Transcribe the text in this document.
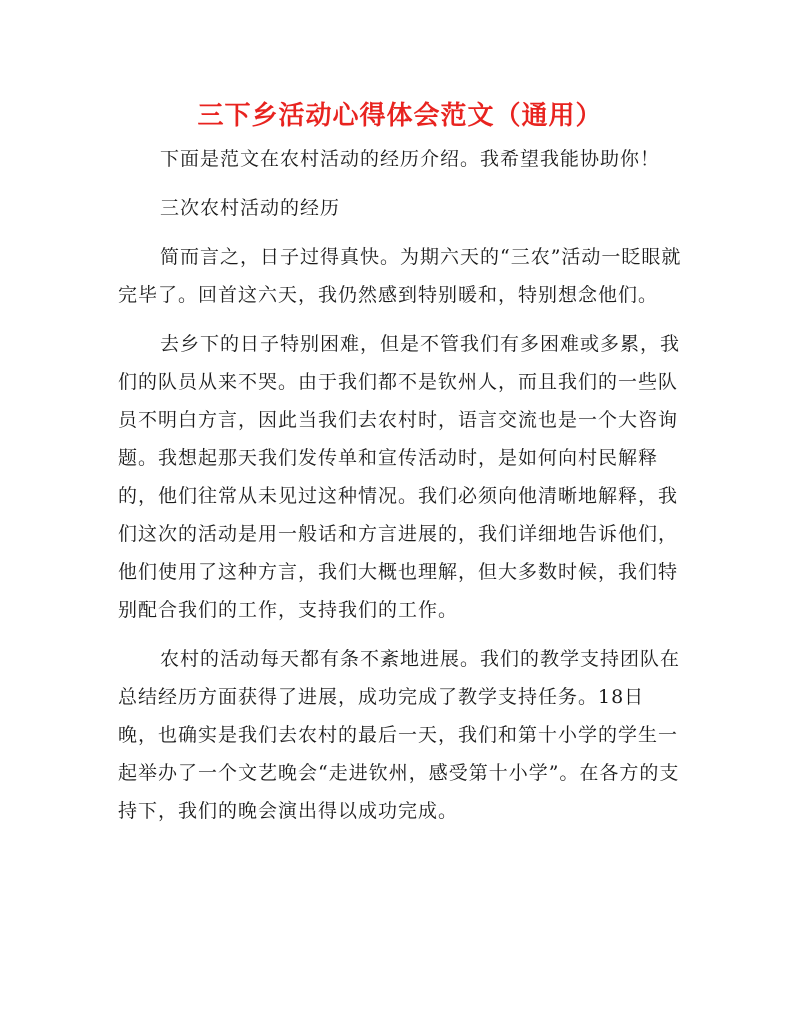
三下乡活动心得体会范文（通用）

下面是范文在农村活动的经历介绍。我希望我能协助你！

三次农村活动的经历

简而言之，日子过得真快。为期六天的“三农”活动一眨眼就完毕了。回首这六天，我仍然感到特别暖和，特别想念他们。

去乡下的日子特别困难，但是不管我们有多困难或多累，我们的队员从来不哭。由于我们都不是钦州人，而且我们的一些队员不明白方言，因此当我们去农村时，语言交流也是一个大咨询题。我想起那天我们发传单和宣传活动时，是如何向村民解释的，他们往常从未见过这种情况。我们必须向他清晰地解释，我们这次的活动是用一般话和方言进展的，我们详细地告诉他们，他们使用了这种方言，我们大概也理解，但大多数时候，我们特别配合我们的工作，支持我们的工作。

农村的活动每天都有条不紊地进展。我们的教学支持团队在总结经历方面获得了进展，成功完成了教学支持任务。18日晚，也确实是我们去农村的最后一天，我们和第十小学的学生一起举办了一个文艺晚会“走进钦州，感受第十小学”。在各方的支持下，我们的晚会演出得以成功完成。
